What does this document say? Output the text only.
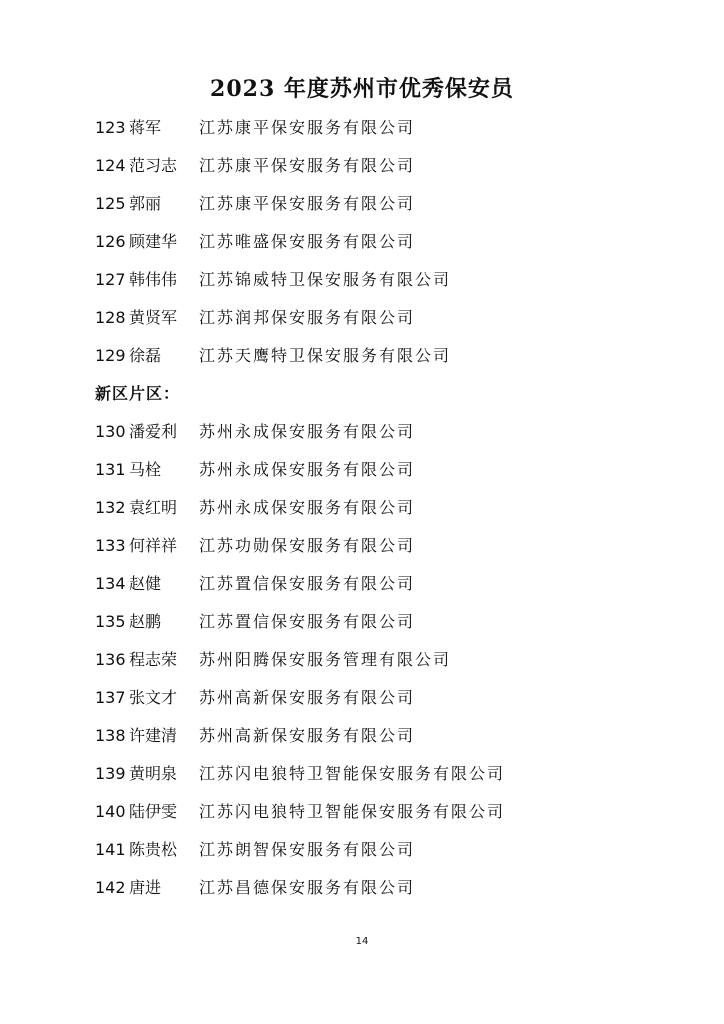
2023 年度苏州市优秀保安员
123 蒋军 江苏康平保安服务有限公司
124 范习志 江苏康平保安服务有限公司
125 郭丽 江苏康平保安服务有限公司
126 顾建华 江苏唯盛保安服务有限公司
127 韩伟伟 江苏锦威特卫保安服务有限公司
128 黄贤军 江苏润邦保安服务有限公司
129 徐磊 江苏天鹰特卫保安服务有限公司
新区片区：
130 潘爱利 苏州永成保安服务有限公司
131 马栓 苏州永成保安服务有限公司
132 袁红明 苏州永成保安服务有限公司
133 何祥祥 江苏功勋保安服务有限公司
134 赵健 江苏置信保安服务有限公司
135 赵鹏 江苏置信保安服务有限公司
136 程志荣 苏州阳腾保安服务管理有限公司
137 张文才 苏州高新保安服务有限公司
138 许建清 苏州高新保安服务有限公司
139 黄明泉 江苏闪电狼特卫智能保安服务有限公司
140 陆伊雯 江苏闪电狼特卫智能保安服务有限公司
141 陈贵松 江苏朗智保安服务有限公司
142 唐进 江苏昌德保安服务有限公司
14
